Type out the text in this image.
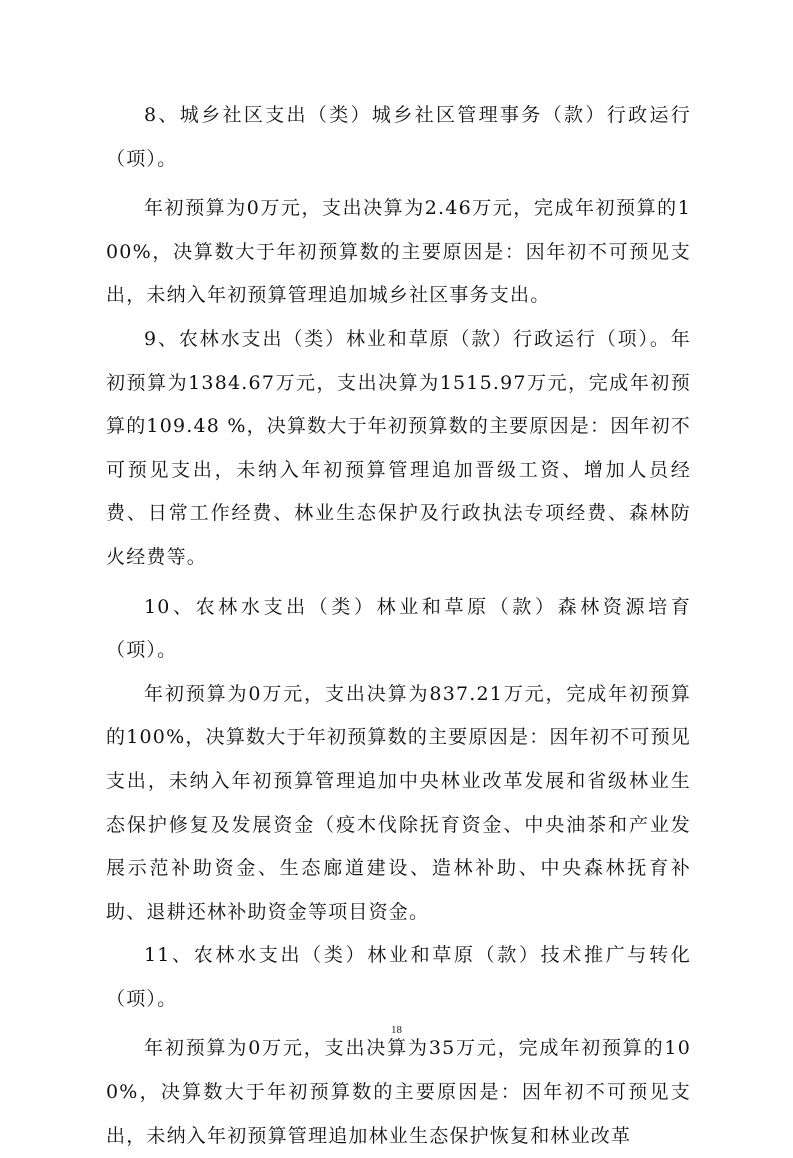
8、城乡社区支出（类）城乡社区管理事务（款）行政运行（项）。

年初预算为0万元，支出决算为2.46万元，完成年初预算的100%，决算数大于年初预算数的主要原因是：因年初不可预见支出，未纳入年初预算管理追加城乡社区事务支出。

9、农林水支出（类）林业和草原（款）行政运行（项）。年初预算为1384.67万元，支出决算为1515.97万元，完成年初预算的109.48 %，决算数大于年初预算数的主要原因是：因年初不可预见支出，未纳入年初预算管理追加晋级工资、增加人员经费、日常工作经费、林业生态保护及行政执法专项经费、森林防火经费等。

10、农林水支出（类）林业和草原（款）森林资源培育（项）。

年初预算为0万元，支出决算为837.21万元，完成年初预算的100%，决算数大于年初预算数的主要原因是：因年初不可预见支出，未纳入年初预算管理追加中央林业改革发展和省级林业生态保护修复及发展资金（疫木伐除抚育资金、中央油茶和产业发展示范补助资金、生态廊道建设、造林补助、中央森林抚育补助、退耕还林补助资金等项目资金。

11、农林水支出（类）林业和草原（款）技术推广与转化（项）。

年初预算为0万元，支出决算为35万元，完成年初预算的100%，决算数大于年初预算数的主要原因是：因年初不可预见支出，未纳入年初预算管理追加林业生态保护恢复和林业改革

18
